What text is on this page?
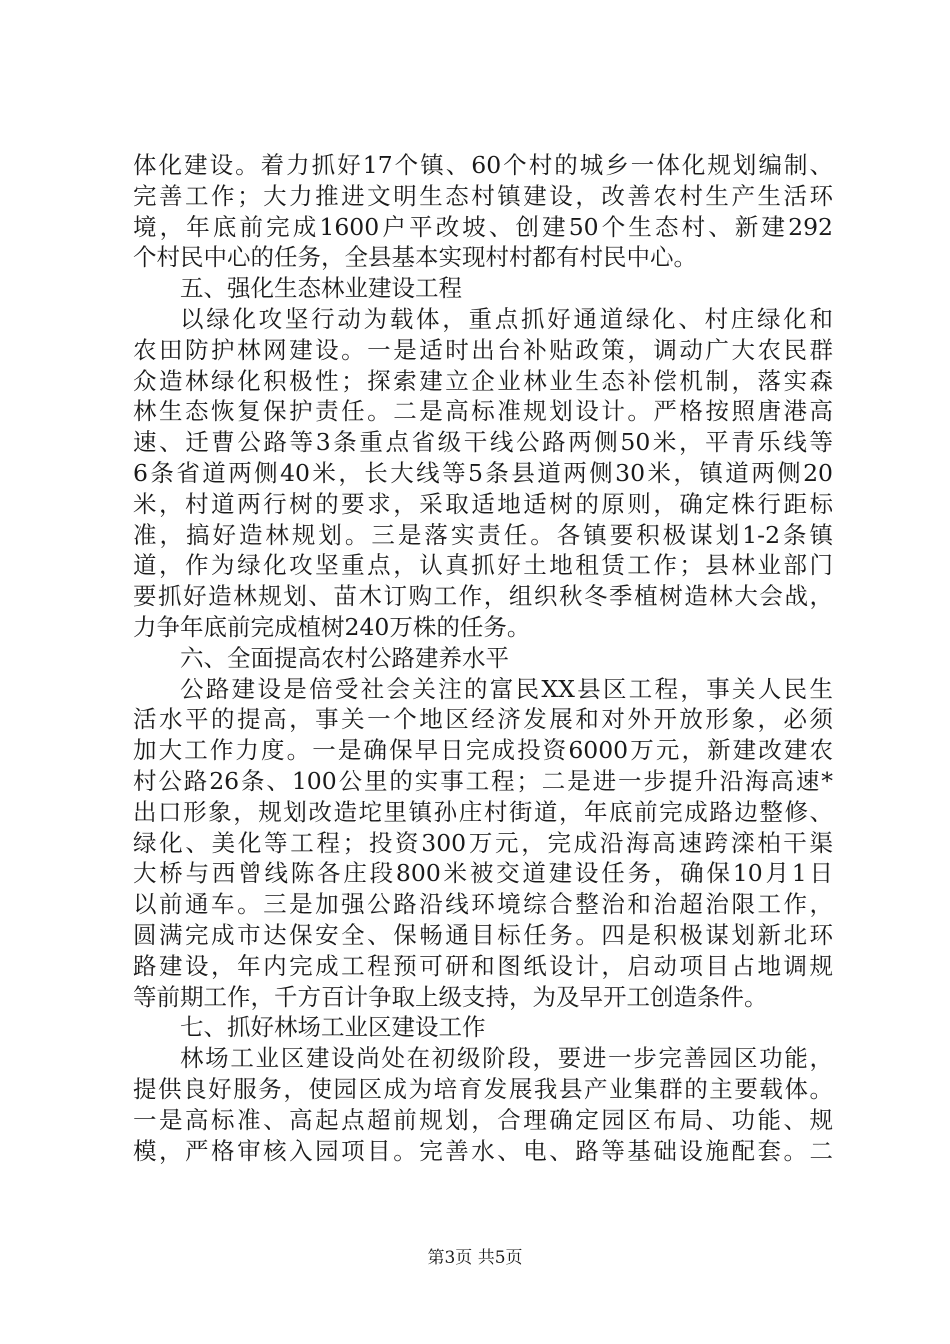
体化建设。着力抓好17个镇、60个村的城乡一体化规划编制、
完善工作；大力推进文明生态村镇建设，改善农村生产生活环
境，年底前完成1600户平改坡、创建50个生态村、新建292
个村民中心的任务，全县基本实现村村都有村民中心。
五、强化生态林业建设工程
以绿化攻坚行动为载体，重点抓好通道绿化、村庄绿化和
农田防护林网建设。一是适时出台补贴政策，调动广大农民群
众造林绿化积极性；探索建立企业林业生态补偿机制，落实森
林生态恢复保护责任。二是高标准规划设计。严格按照唐港高
速、迁曹公路等3条重点省级干线公路两侧50米，平青乐线等
6条省道两侧40米，长大线等5条县道两侧30米，镇道两侧20
米，村道两行树的要求，采取适地适树的原则，确定株行距标
准，搞好造林规划。三是落实责任。各镇要积极谋划1-2条镇
道，作为绿化攻坚重点，认真抓好土地租赁工作；县林业部门
要抓好造林规划、苗木订购工作，组织秋冬季植树造林大会战，
力争年底前完成植树240万株的任务。
六、全面提高农村公路建养水平
公路建设是倍受社会关注的富民XX县区工程，事关人民生
活水平的提高，事关一个地区经济发展和对外开放形象，必须
加大工作力度。一是确保早日完成投资6000万元，新建改建农
村公路26条、100公里的实事工程；二是进一步提升沿海高速*
出口形象，规划改造坨里镇孙庄村街道，年底前完成路边整修、
绿化、美化等工程；投资300万元，完成沿海高速跨滦柏干渠
大桥与西曾线陈各庄段800米被交道建设任务，确保10月1日
以前通车。三是加强公路沿线环境综合整治和治超治限工作，
圆满完成市达保安全、保畅通目标任务。四是积极谋划新北环
路建设，年内完成工程预可研和图纸设计，启动项目占地调规
等前期工作，千方百计争取上级支持，为及早开工创造条件。
七、抓好林场工业区建设工作
林场工业区建设尚处在初级阶段，要进一步完善园区功能，
提供良好服务，使园区成为培育发展我县产业集群的主要载体。
一是高标准、高起点超前规划，合理确定园区布局、功能、规
模，严格审核入园项目。完善水、电、路等基础设施配套。二
第3页 共5页
